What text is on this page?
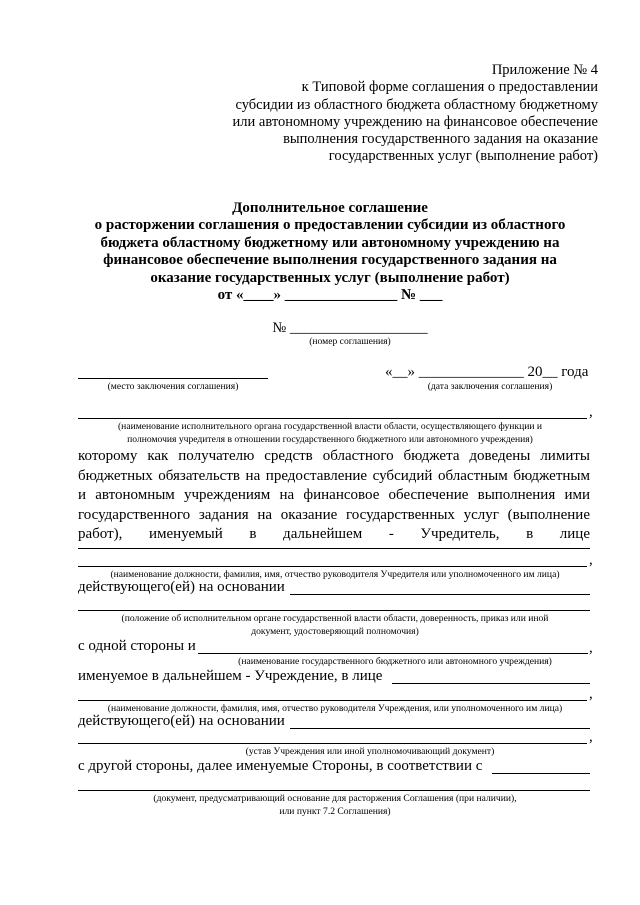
Приложение № 4
к Типовой форме соглашения о предоставлении
субсидии из областного бюджета областному бюджетному
или автономному учреждению на финансовое обеспечение
выполнения государственного задания на оказание
государственных услуг (выполнение работ)
Дополнительное соглашение
о расторжении соглашения о предоставлении субсидии из областного
бюджета областному бюджетному или автономному учреждению на
финансовое обеспечение выполнения государственного задания на
оказание государственных услуг (выполнение работ)
от «____» _______________ № ___
№ ___________________
(номер соглашения)
(место заключения соглашения)
«__» ______________ 20__ года
(дата заключения соглашения)
,
(наименование исполнительного органа государственной власти области, осуществляющего функции и
полномочия учредителя в отношении государственного бюджетного или автономного учреждения)
которому как получателю средств областного бюджета доведены лимиты
бюджетных обязательств на предоставление субсидий областным бюджетным
и автономным учреждениям на финансовое обеспечение выполнения ими
государственного задания на оказание государственных услуг (выполнение
работ), именуемый в дальнейшем - Учредитель, в лице
,
(наименование должности, фамилия, имя, отчество руководителя Учредителя или уполномоченного им лица)
действующего(ей) на основании
(положение об исполнительном органе государственной власти области, доверенность, приказ или иной
документ, удостоверяющий полномочия)
с одной стороны и	,
(наименование государственного бюджетного или автономного учреждения)
именуемое в дальнейшем - Учреждение, в лице
,
(наименование должности, фамилия, имя, отчество руководителя Учреждения, или уполномоченного им лица)
действующего(ей) на основании
,
(устав Учреждения или иной уполномочивающий документ)
с другой стороны, далее именуемые Стороны, в соответствии с
(документ, предусматривающий основание для расторжения Соглашения (при наличии),
или пункт 7.2 Соглашения)
